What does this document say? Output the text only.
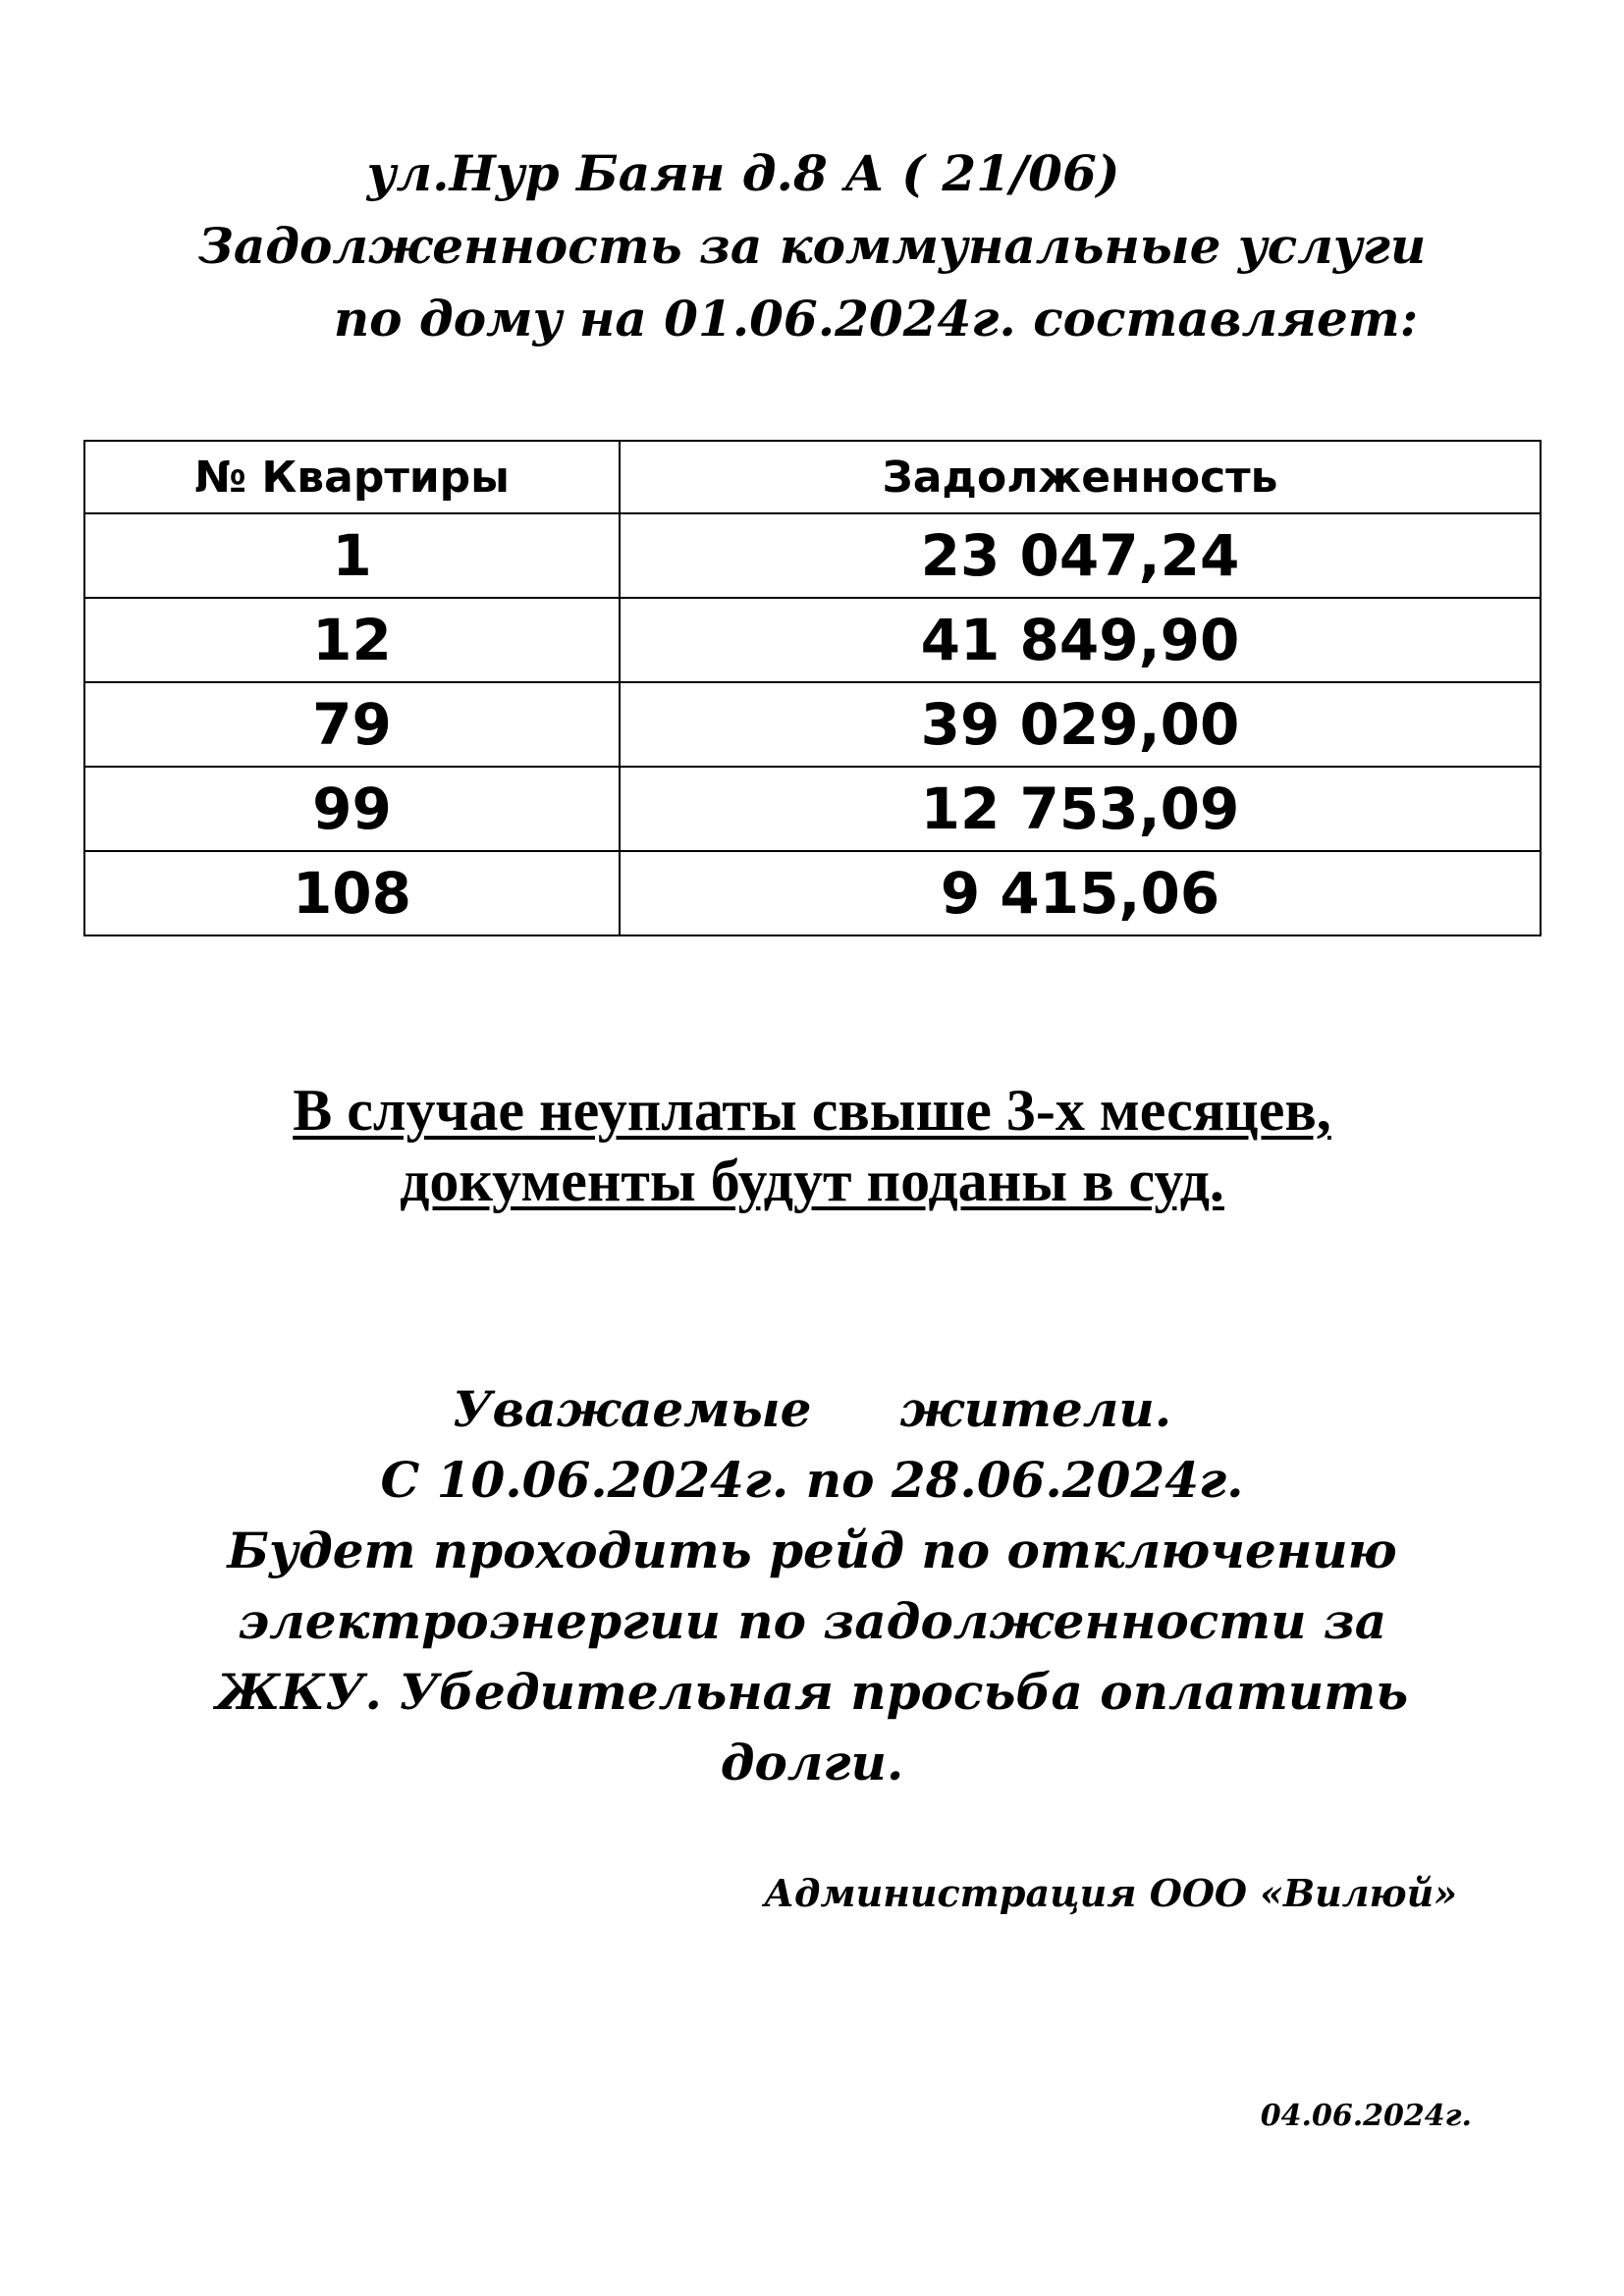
ул.Нур Баян д.8 А ( 21/06)
Задолженность за коммунальные услуги
по дому на 01.06.2024г. составляет:
№ Квартиры	Задолженность
1	23 047,24
12	41 849,90
79	39 029,00
99	12 753,09
108	9 415,06
В случае неуплаты свыше 3-х месяцев,
документы будут поданы в суд.
Уважаемые жители.
С 10.06.2024г. по 28.06.2024г.
Будет проходить рейд по отключению
электроэнергии по задолженности за
ЖКУ. Убедительная просьба оплатить
долги.
Администрация ООО «Вилюй»
04.06.2024г.
